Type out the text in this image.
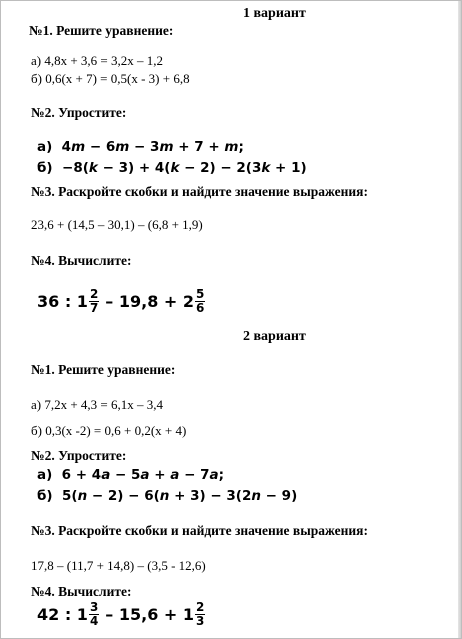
1 вариант
№1. Решите уравнение:
а) 4,8х + 3,6 = 3,2х – 1,2
б) 0,6(х + 7) = 0,5(х - 3) + 6,8
№2. Упростите:
а)  4m − 6m − 3m + 7 + m;
б)  −8(k − 3) + 4(k − 2) − 2(3k + 1)
№3. Раскройте скобки и найдите значение выражения:
23,6 + (14,5 – 30,1) – (6,8 + 1,9)
№4. Вычислите:
36 : $1 \frac{2}{7} - 19,8 + 2 \frac{5}{6}$
2 вариант
№1. Решите уравнение:
а) 7,2х + 4,3 = 6,1х – 3,4
б) 0,3(х -2) = 0,6 + 0,2(х + 4)
№2. Упростите:
а)  6 + 4a − 5a + a − 7a;
б)  5(n − 2) − 6(n + 3) − 3(2n − 9)
№3. Раскройте скобки и найдите значение выражения:
17,8 – (11,7 + 14,8) – (3,5 - 12,6)
№4. Вычислите:
42 : $1 \frac{3}{4} - 15,6 + 1 \frac{2}{3}$
